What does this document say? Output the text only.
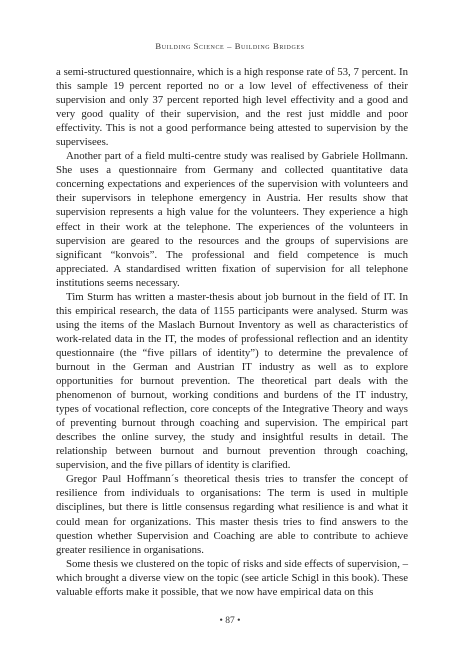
Building Science – Building Bridges

a semi-structured questionnaire, which is a high response rate of 53, 7 percent. In this sample 19 percent reported no or a low level of effectiveness of their supervision and only 37 percent reported high level effectivity and a good and very good quality of their supervision, and the rest just middle and poor effectivity. This is not a good performance being attested to supervision by the supervisees.

Another part of a field multi-centre study was realised by Gabriele Hollmann. She uses a questionnaire from Germany and collected quantitative data concerning expectations and experiences of the supervision with volunteers and their supervisors in telephone emergency in Austria. Her results show that supervision represents a high value for the volunteers. They experience a high effect in their work at the telephone. The experiences of the volunteers in supervision are geared to the resources and the groups of supervisions are significant “konvois”. The professional and field competence is much appreciated. A standardised written fixation of supervision for all telephone institutions seems necessary.

Tim Sturm has written a master-thesis about job burnout in the field of IT. In this empirical research, the data of 1155 participants were analysed. Sturm was using the items of the Maslach Burnout Inventory as well as characteristics of work-related data in the IT, the modes of professional reflection and an identity questionnaire (the “five pillars of identity”) to determine the prevalence of burnout in the German and Austrian IT industry as well as to explore opportunities for burnout prevention. The theoretical part deals with the phenomenon of burnout, working conditions and burdens of the IT industry, types of vocational reflection, core concepts of the Integrative Theory and ways of preventing burnout through coaching and supervision. The empirical part describes the online survey, the study and insightful results in detail. The relationship between burnout and burnout prevention through coaching, supervision, and the five pillars of identity is clarified.

Gregor Paul Hoffmann´s theoretical thesis tries to transfer the concept of resilience from individuals to organisations: The term is used in multiple disciplines, but there is little consensus regarding what resilience is and what it could mean for organizations. This master thesis tries to find answers to the question whether Supervision and Coaching are able to contribute to achieve greater resilience in organisations.

Some thesis we clustered on the topic of risks and side effects of supervision, – which brought a diverse view on the topic (see article Schigl in this book). These valuable efforts make it possible, that we now have empirical data on this

• 87 •
